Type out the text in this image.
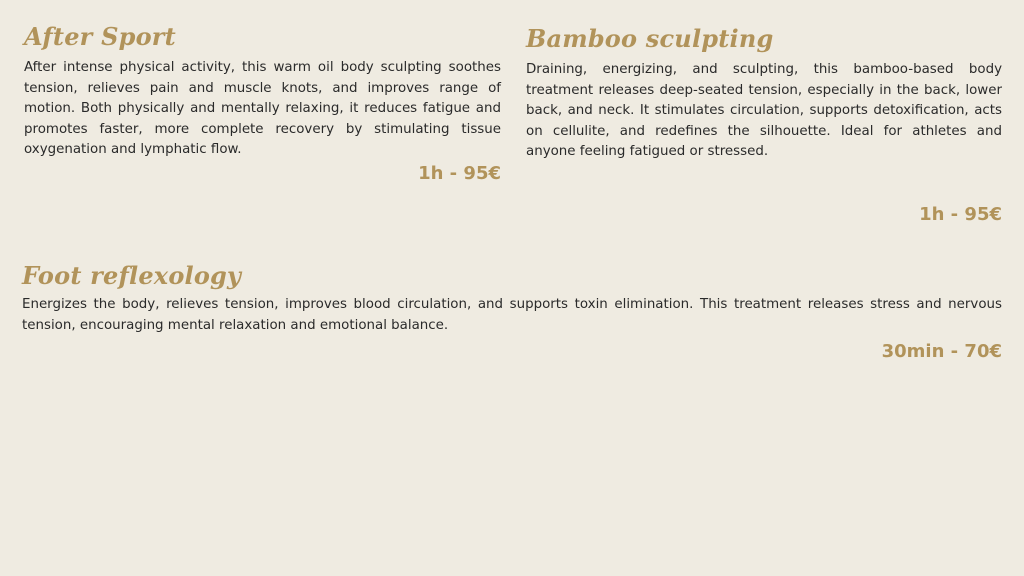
After Sport

After intense physical activity, this warm oil body sculpting soothes tension, relieves pain and muscle knots, and improves range of motion. Both physically and mentally relaxing, it reduces fatigue and promotes faster, more complete recovery by stimulating tissue oxygenation and lymphatic flow.

1h - 95€
Bamboo sculpting

Draining, energizing, and sculpting, this bamboo-based body treatment releases deep-seated tension, especially in the back, lower back, and neck. It stimulates circulation, supports detoxification, acts on cellulite, and redefines the silhouette. Ideal for athletes and anyone feeling fatigued or stressed.

1h - 95€
Foot reflexology

Energizes the body, relieves tension, improves blood circulation, and supports toxin elimination. This treatment releases stress and nervous tension, encouraging mental relaxation and emotional balance.

30min - 70€
